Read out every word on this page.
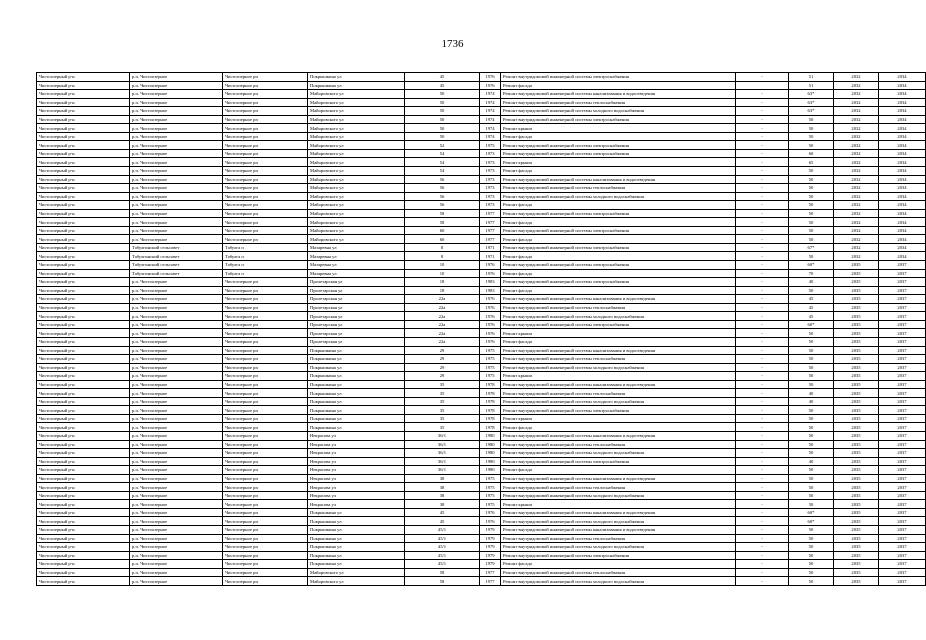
1736
Чистоозерный р-н	р.п. Чистоозерное	Чистоозерное рп	Покрышкина ул	45	1976	Ремонт внутридомовой инженерной системы электроснабжения	-	51	2032	2034
Чистоозерный р-н	р.п. Чистоозерное	Чистоозерное рп	Покрышкина ул	45	1976	Ремонт фасада		51	2032	2034
Чистоозерный р-н	р.п. Чистоозерное	Чистоозерное рп	Майоровского ул	50	1974	Ремонт внутридомовой инженерной системы канализования и водоотведения	-	63*	2032	2034
Чистоозерный р-н	р.п. Чистоозерное	Чистоозерное рп	Майоровского ул	50	1974	Ремонт внутридомовой инженерной системы теплоснабжения	-	63*	2032	2034
Чистоозерный р-н	р.п. Чистоозерное	Чистоозерное рп	Майоровского ул	50	1974	Ремонт внутридомовой инженерной системы холодного водоснабжения	-	63*	2032	2034
Чистоозерный р-н	р.п. Чистоозерное	Чистоозерное рп	Майоровского ул	50	1974	Ремонт внутридомовой инженерной системы электроснабжения	-	50	2032	2034
Чистоозерный р-н	р.п. Чистоозерное	Чистоозерное рп	Майоровского ул	50	1974	Ремонт крыши	-	50	2032	2034
Чистоозерный р-н	р.п. Чистоозерное	Чистоозерное рп	Майоровского ул	50	1974	Ремонт фасада	-	50	2032	2034
Чистоозерный р-н	р.п. Чистоозерное	Чистоозерное рп	Майоровского ул	52	1975	Ремонт внутридомовой инженерной системы электроснабжения	-	50	2032	2034
Чистоозерный р-н	р.п. Чистоозерное	Чистоозерное рп	Майоровского ул	54	1973	Ремонт внутридомовой инженерной системы электроснабжения	-	60	2032	2034
Чистоозерный р-н	р.п. Чистоозерное	Чистоозерное рп	Майоровского ул	54	1973	Ремонт крыши	-	65	2032	2034
Чистоозерный р-н	р.п. Чистоозерное	Чистоозерное рп	Майоровского ул	54	1973	Ремонт фасада	-	50	2032	2034
Чистоозерный р-н	р.п. Чистоозерное	Чистоозерное рп	Майоровского ул	56	1973	Ремонт внутридомовой инженерной системы канализования и водоотведения	-	50	2032	2034
Чистоозерный р-н	р.п. Чистоозерное	Чистоозерное рп	Майоровского ул	56	1973	Ремонт внутридомовой инженерной системы теплоснабжения	-	50	2032	2034
Чистоозерный р-н	р.п. Чистоозерное	Чистоозерное рп	Майоровского ул	56	1973	Ремонт внутридомовой инженерной системы холодного водоснабжения	-	50	2032	2034
Чистоозерный р-н	р.п. Чистоозерное	Чистоозерное рп	Майоровского ул	56	1973	Ремонт фасада	-	50	2032	2034
Чистоозерный р-н	р.п. Чистоозерное	Чистоозерное рп	Майоровского ул	58	1977	Ремонт внутридомовой инженерной системы электроснабжения	-	50	2032	2034
Чистоозерный р-н	р.п. Чистоозерное	Чистоозерное рп	Майоровского ул	58	1977	Ремонт фасада	-	50	2032	2034
Чистоозерный р-н	р.п. Чистоозерное	Чистоозерное рп	Майоровского ул	60	1977	Ремонт внутридомовой инженерной системы электроснабжения	-	50	2032	2034
Чистоозерный р-н	р.п. Чистоозерное	Чистоозерное рп	Майоровского ул	60	1977	Ремонт фасада	-	50	2032	2034
Чистоозерный р-н	Табулгинский сельсовет	Табулга п	Мазаревна ул	8	1971	Ремонт внутридомовой инженерной системы электроснабжения	-	67*	2032	2034
Чистоозерный р-н	Табулгинский сельсовет	Табулга п	Мазаревна ул	8	1971	Ремонт фасада	-	50	2032	2034
Чистоозерный р-н	Табулгинский сельсовет	Табулга п	Мазаревна ул	10	1976	Ремонт внутридомовой инженерной системы электроснабжения	-	60*	2035	2037
Чистоозерный р-н	Табулгинский сельсовет	Табулга п	Мазаревна ул	10	1976	Ремонт фасада	-	70	2035	2037
Чистоозерный р-н	р.п. Чистоозерное	Чистоозерное рп	Пролетарская ул	18	1983	Ремонт внутридомовой инженерной системы электроснабжения	-	40	2035	2037
Чистоозерный р-н	р.п. Чистоозерное	Чистоозерное рп	Пролетарская ул	18	1983	Ремонт фасада	-	50	2035	2037
Чистоозерный р-н	р.п. Чистоозерное	Чистоозерное рп	Пролетарская ул	22а	1976	Ремонт внутридомовой инженерной системы канализования и водоотведения	-	45	2035	2037
Чистоозерный р-н	р.п. Чистоозерное	Чистоозерное рп	Пролетарская ул	22а	1976	Ремонт внутридомовой инженерной системы теплоснабжения	-	45	2035	2037
Чистоозерный р-н	р.п. Чистоозерное	Чистоозерное рп	Пролетарская ул	22а	1976	Ремонт внутридомовой инженерной системы холодного водоснабжения	-	45	2035	2037
Чистоозерный р-н	р.п. Чистоозерное	Чистоозерное рп	Пролетарская ул	22а	1976	Ремонт внутридомовой инженерной системы электроснабжения	-	60*	2035	2037
Чистоозерный р-н	р.п. Чистоозерное	Чистоозерное рп	Пролетарская ул	22а	1976	Ремонт крыши	-	50	2035	2037
Чистоозерный р-н	р.п. Чистоозерное	Чистоозерное рп	Пролетарская ул	22а	1976	Ремонт фасада	-	50	2035	2037
Чистоозерный р-н	р.п. Чистоозерное	Чистоозерное рп	Покрышкина ул	29	1975	Ремонт внутридомовой инженерной системы канализования и водоотведения	-	50	2035	2037
Чистоозерный р-н	р.п. Чистоозерное	Чистоозерное рп	Покрышкина ул	29	1975	Ремонт внутридомовой инженерной системы теплоснабжения	-	50	2035	2037
Чистоозерный р-н	р.п. Чистоозерное	Чистоозерное рп	Покрышкина ул	29	1975	Ремонт внутридомовой инженерной системы холодного водоснабжения	-	50	2035	2037
Чистоозерный р-н	р.п. Чистоозерное	Чистоозерное рп	Покрышкина ул	29	1975	Ремонт крыши	-	50	2035	2037
Чистоозерный р-н	р.п. Чистоозерное	Чистоозерное рп	Покрышкина ул	35	1978	Ремонт внутридомовой инженерной системы канализования и водоотведения	-	50	2035	2037
Чистоозерный р-н	р.п. Чистоозерное	Чистоозерное рп	Покрышкина ул	35	1978	Ремонт внутридомовой инженерной системы теплоснабжения	-	40	2035	2037
Чистоозерный р-н	р.п. Чистоозерное	Чистоозерное рп	Покрышкина ул	35	1978	Ремонт внутридомовой инженерной системы холодного водоснабжения	-	40	2035	2037
Чистоозерный р-н	р.п. Чистоозерное	Чистоозерное рп	Покрышкина ул	35	1978	Ремонт внутридомовой инженерной системы электроснабжения	-	50	2035	2037
Чистоозерный р-н	р.п. Чистоозерное	Чистоозерное рп	Покрышкина ул	35	1978	Ремонт крыши	-	50	2035	2037
Чистоозерный р-н	р.п. Чистоозерное	Чистоозерное рп	Покрышкина ул	35	1978	Ремонт фасада	-	50	2035	2037
Чистоозерный р-н	р.п. Чистоозерное	Чистоозерное рп	Некрасова ул	36/1	1980	Ремонт внутридомовой инженерной системы канализования и водоотведения	-	50	2035	2037
Чистоозерный р-н	р.п. Чистоозерное	Чистоозерное рп	Некрасова ул	36/1	1980	Ремонт внутридомовой инженерной системы теплоснабжения	-	50	2035	2037
Чистоозерный р-н	р.п. Чистоозерное	Чистоозерное рп	Некрасова ул	36/1	1980	Ремонт внутридомовой инженерной системы холодного водоснабжения	-	50	2035	2037
Чистоозерный р-н	р.п. Чистоозерное	Чистоозерное рп	Некрасова ул	36/1	1980	Ремонт внутридомовой инженерной системы электроснабжения	-	40	2035	2037
Чистоозерный р-н	р.п. Чистоозерное	Чистоозерное рп	Некрасова ул	36/1	1980	Ремонт фасада	-	50	2035	2037
Чистоозерный р-н	р.п. Чистоозерное	Чистоозерное рп	Некрасова ул	38	1975	Ремонт внутридомовой инженерной системы канализования и водоотведения	-	50	2035	2037
Чистоозерный р-н	р.п. Чистоозерное	Чистоозерное рп	Некрасова ул	38	1975	Ремонт внутридомовой инженерной системы теплоснабжения	-	50	2035	2037
Чистоозерный р-н	р.п. Чистоозерное	Чистоозерное рп	Некрасова ул	38	1975	Ремонт внутридомовой инженерной системы холодного водоснабжения	-	50	2035	2037
Чистоозерный р-н	р.п. Чистоозерное	Чистоозерное рп	Некрасова ул	38	1975	Ремонт крыши	-	50	2035	2037
Чистоозерный р-н	р.п. Чистоозерное	Чистоозерное рп	Покрышкина ул	45	1976	Ремонт внутридомовой инженерной системы канализования и водоотведения	-	60*	2035	2037
Чистоозерный р-н	р.п. Чистоозерное	Чистоозерное рп	Покрышкина ул	45	1976	Ремонт внутридомовой инженерной системы холодного водоснабжения	-	60*	2035	2037
Чистоозерный р-н	р.п. Чистоозерное	Чистоозерное рп	Покрышкина ул	45/1	1979	Ремонт внутридомовой инженерной системы канализования и водоотведения	-	50	2035	2037
Чистоозерный р-н	р.п. Чистоозерное	Чистоозерное рп	Покрышкина ул	45/1	1979	Ремонт внутридомовой инженерной системы теплоснабжения	-	50	2035	2037
Чистоозерный р-н	р.п. Чистоозерное	Чистоозерное рп	Покрышкина ул	45/1	1979	Ремонт внутридомовой инженерной системы холодного водоснабжения	-	50	2035	2037
Чистоозерный р-н	р.п. Чистоозерное	Чистоозерное рп	Покрышкина ул	45/1	1979	Ремонт внутридомовой инженерной системы электроснабжения	-	50	2035	2037
Чистоозерный р-н	р.п. Чистоозерное	Чистоозерное рп	Покрышкина ул	45/1	1979	Ремонт фасада	-	50	2035	2037
Чистоозерный р-н	р.п. Чистоозерное	Чистоозерное рп	Майоровского ул	58	1977	Ремонт внутридомовой инженерной системы теплоснабжения	-	50	2035	2037
Чистоозерный р-н	р.п. Чистоозерное	Чистоозерное рп	Майоровского ул	58	1977	Ремонт внутридомовой инженерной системы холодного водоснабжения	-	50	2035	2037
